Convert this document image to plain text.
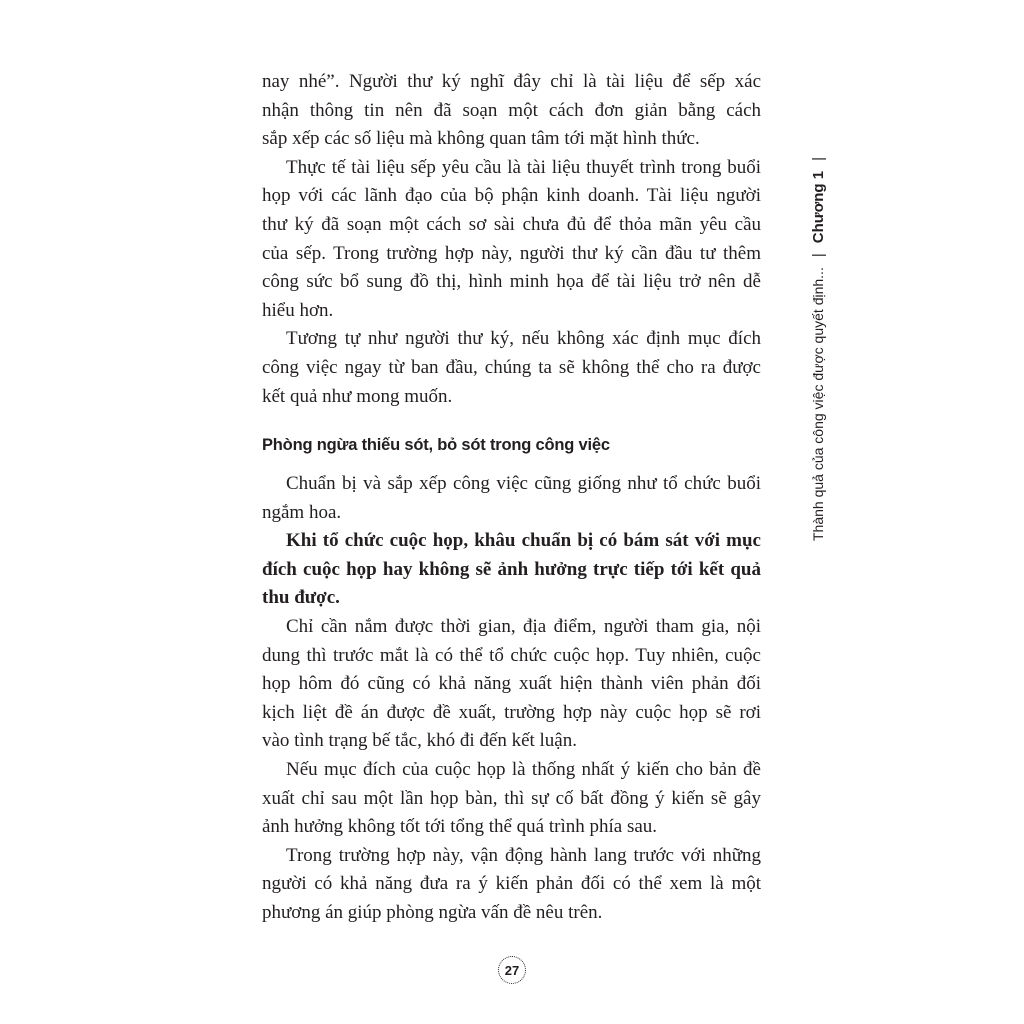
nay nhé”. Người thư ký nghĩ đây chỉ là tài liệu để sếp xác
nhận thông tin nên đã soạn một cách đơn giản bằng cách
sắp xếp các số liệu mà không quan tâm tới mặt hình thức.
Thực tế tài liệu sếp yêu cầu là tài liệu thuyết trình trong buổi
họp với các lãnh đạo của bộ phận kinh doanh. Tài liệu người
thư ký đã soạn một cách sơ sài chưa đủ để thỏa mãn yêu cầu
của sếp. Trong trường hợp này, người thư ký cần đầu tư thêm
công sức bổ sung đồ thị, hình minh họa để tài liệu trở nên dễ
hiểu hơn.
Tương tự như người thư ký, nếu không xác định mục đích
công việc ngay từ ban đầu, chúng ta sẽ không thể cho ra được
kết quả như mong muốn.
Phòng ngừa thiếu sót, bỏ sót trong công việc
Chuẩn bị và sắp xếp công việc cũng giống như tổ chức buổi
ngắm hoa.
Khi tổ chức cuộc họp, khâu chuẩn bị có bám sát với mục
đích cuộc họp hay không sẽ ảnh hưởng trực tiếp tới kết quả
thu được.
Chỉ cần nắm được thời gian, địa điểm, người tham gia, nội
dung thì trước mắt là có thể tổ chức cuộc họp. Tuy nhiên, cuộc
họp hôm đó cũng có khả năng xuất hiện thành viên phản đối
kịch liệt đề án được đề xuất, trường hợp này cuộc họp sẽ rơi
vào tình trạng bế tắc, khó đi đến kết luận.
Nếu mục đích của cuộc họp là thống nhất ý kiến cho bản đề
xuất chỉ sau một lần họp bàn, thì sự cố bất đồng ý kiến sẽ gây
ảnh hưởng không tốt tới tổng thể quá trình phía sau.
Trong trường hợp này, vận động hành lang trước với những
người có khả năng đưa ra ý kiến phản đối có thể xem là một
phương án giúp phòng ngừa vấn đề nêu trên.
Thành quả của công việc được quyết định...
|
Chương 1
|
27
